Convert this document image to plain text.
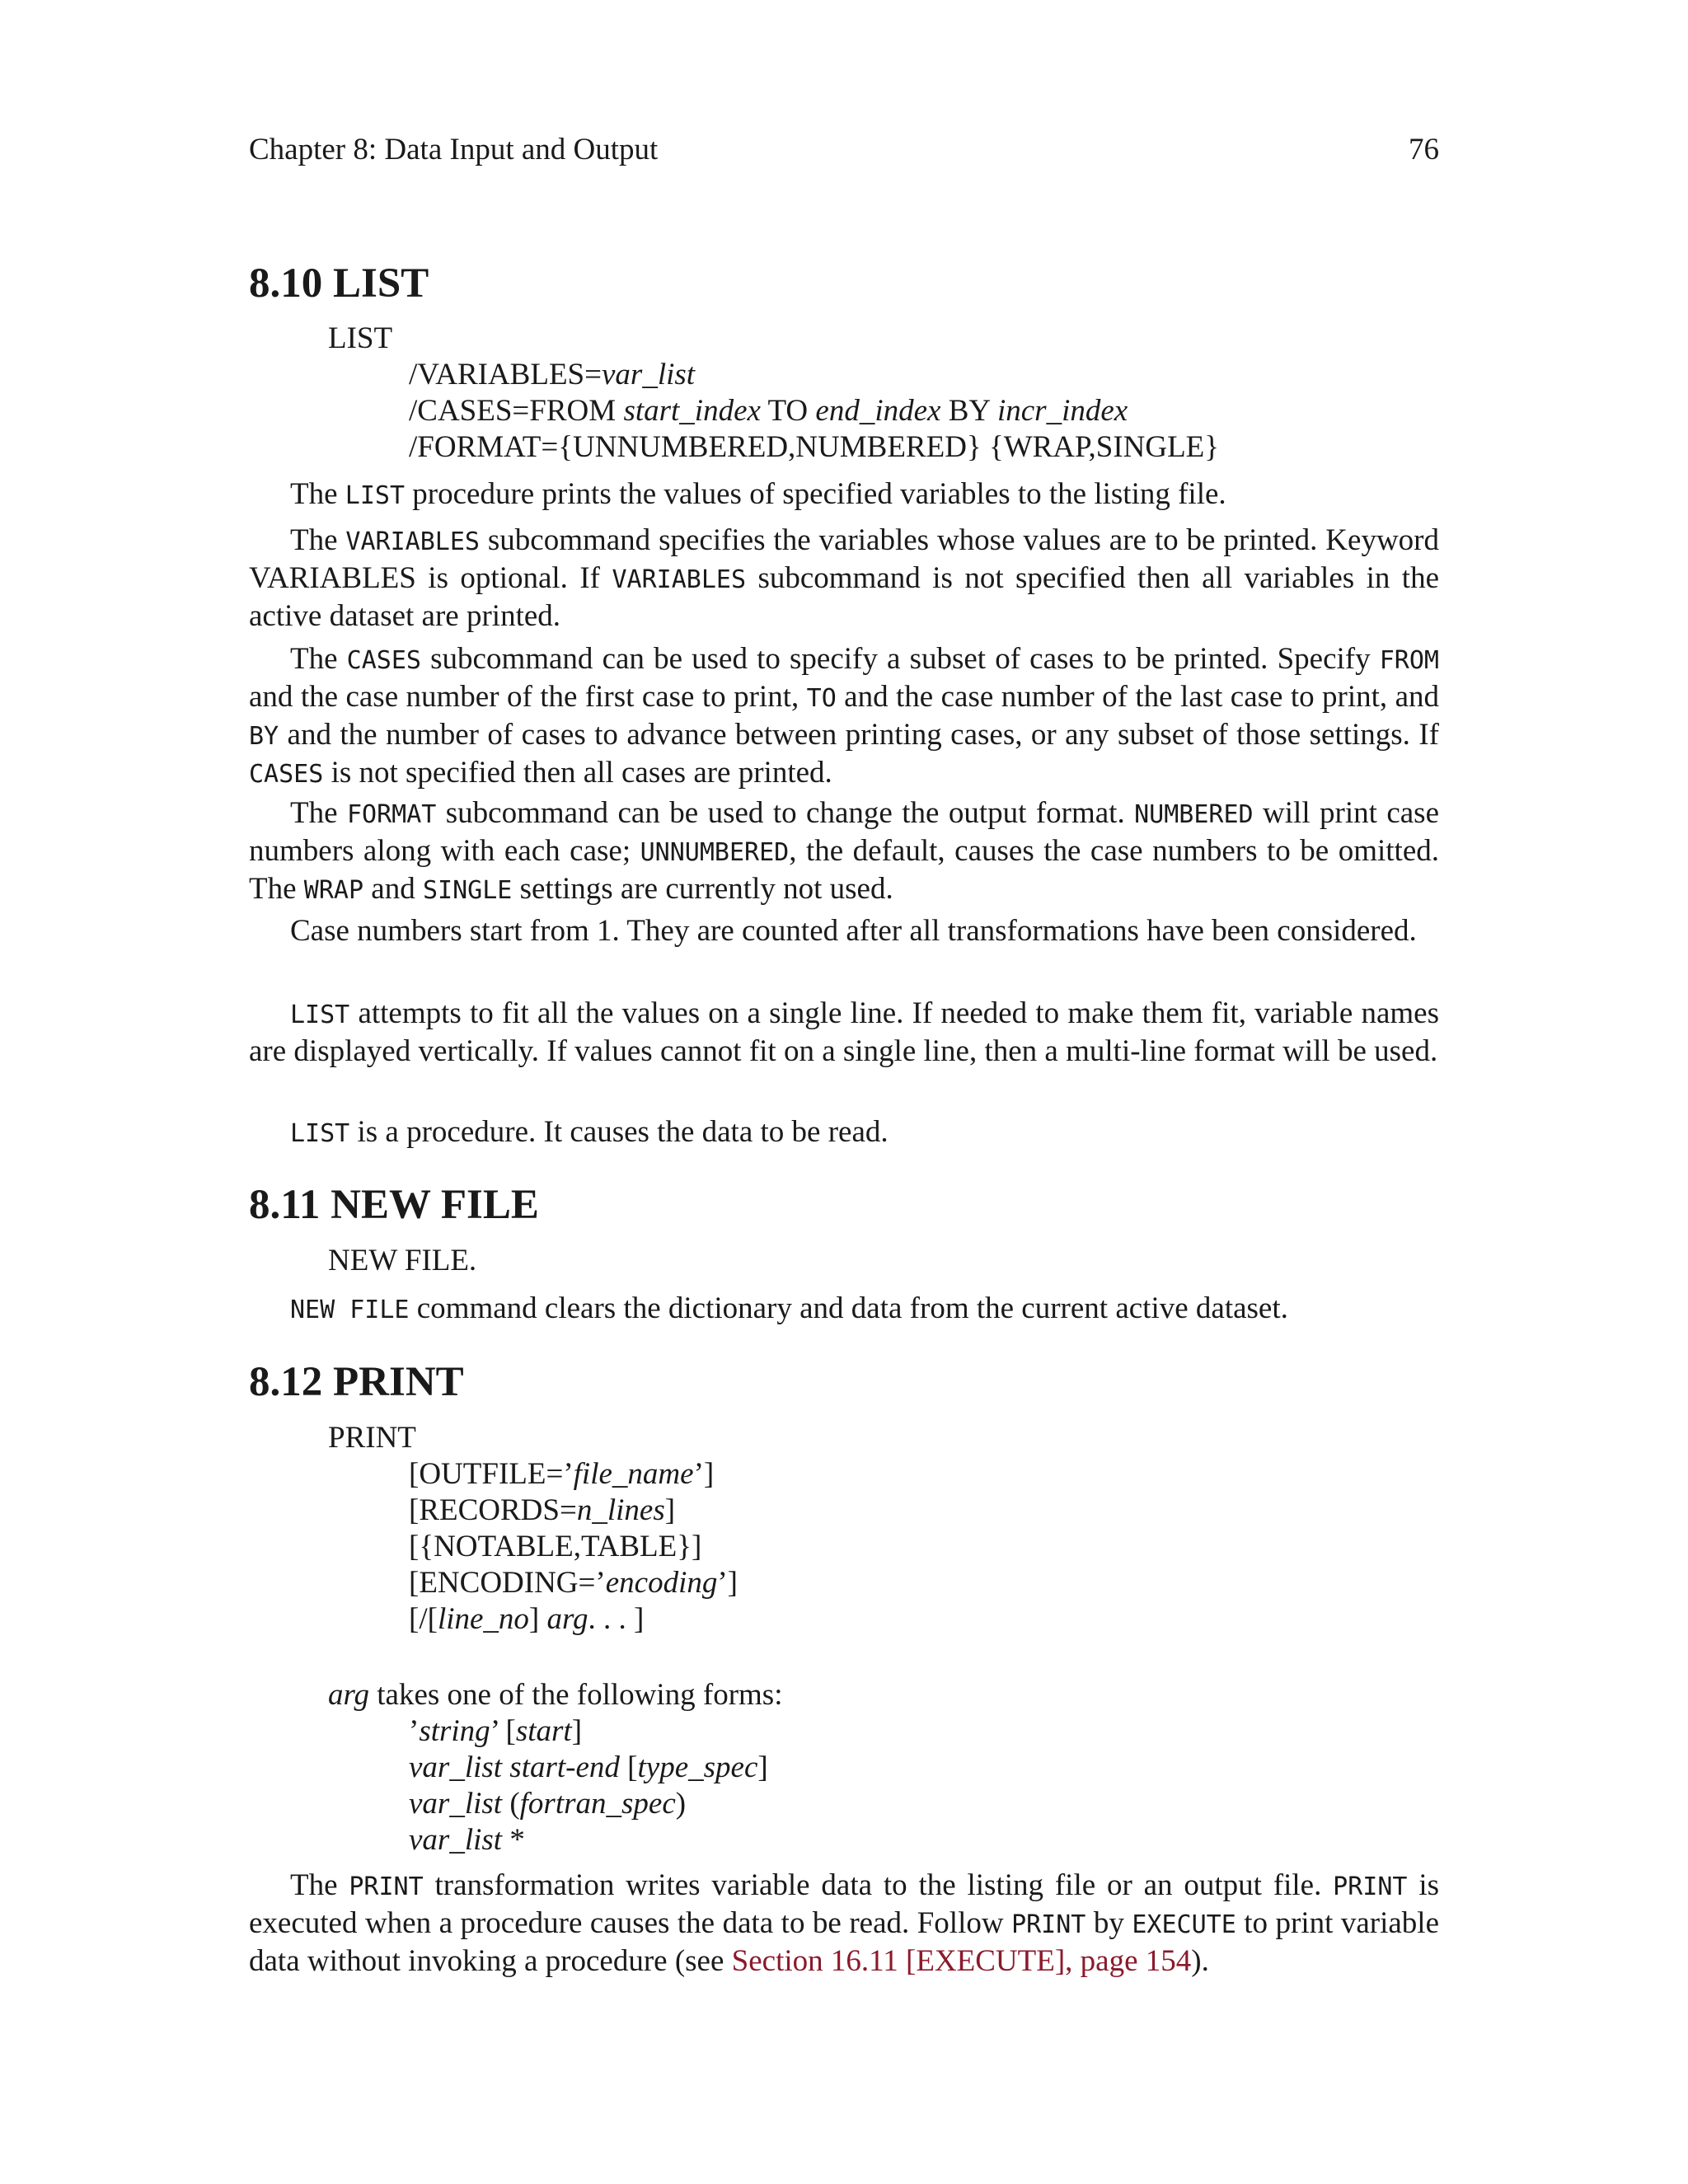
Chapter 8: Data Input and Output	76
8.10 LIST
LIST
/VARIABLES=var_list
/CASES=FROM start_index TO end_index BY incr_index
/FORMAT={UNNUMBERED,NUMBERED} {WRAP,SINGLE}

The LIST procedure prints the values of specified variables to the listing file.

The VARIABLES subcommand specifies the variables whose values are to be printed. Keyword VARIABLES is optional. If VARIABLES subcommand is not specified then all variables in the active dataset are printed.

The CASES subcommand can be used to specify a subset of cases to be printed. Specify FROM and the case number of the first case to print, TO and the case number of the last case to print, and BY and the number of cases to advance between printing cases, or any subset of those settings. If CASES is not specified then all cases are printed.

The FORMAT subcommand can be used to change the output format. NUMBERED will print case numbers along with each case; UNNUMBERED, the default, causes the case numbers to be omitted. The WRAP and SINGLE settings are currently not used.

Case numbers start from 1. They are counted after all transformations have been considered.

LIST attempts to fit all the values on a single line. If needed to make them fit, variable names are displayed vertically. If values cannot fit on a single line, then a multi-line format will be used.

LIST is a procedure. It causes the data to be read.

8.11 NEW FILE
NEW FILE.

NEW FILE command clears the dictionary and data from the current active dataset.

8.12 PRINT
PRINT
[OUTFILE=’file_name’]
[RECORDS=n_lines]
[{NOTABLE,TABLE}]
[ENCODING=’encoding’]
[/[line_no] arg. . . ]
arg takes one of the following forms:
’string’ [start]
var_list start-end [type_spec]
var_list (fortran_spec)
var_list *

The PRINT transformation writes variable data to the listing file or an output file. PRINT is executed when a procedure causes the data to be read. Follow PRINT by EXECUTE to print variable data without invoking a procedure (see Section 16.11 [EXECUTE], page 154).
